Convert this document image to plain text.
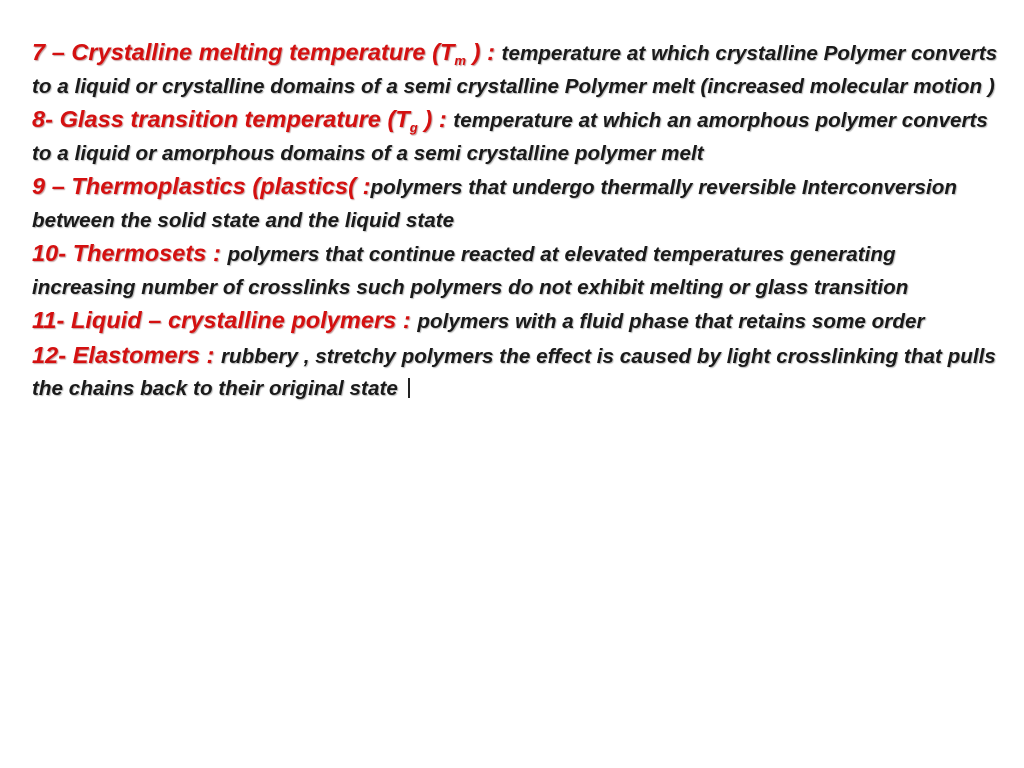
7 – Crystalline melting temperature ($T_m$ ) : temperature at which crystalline Polymer converts to a liquid or crystalline domains of a semi crystalline Polymer melt (increased molecular motion )

8- Glass transition temperature ($T_g$ ) : temperature at which an amorphous polymer converts to a liquid or amorphous domains of a semi crystalline polymer melt

9 – Thermoplastics (plastics( :polymers that undergo thermally reversible Interconversion between the solid state and the liquid state

10- Thermosets : polymers that continue reacted at elevated temperatures generating increasing number of crosslinks such polymers do not exhibit melting or glass transition

11- Liquid – crystalline polymers : polymers with a fluid phase that retains some order

12- Elastomers : rubbery , stretchy polymers the effect is caused by light crosslinking that pulls the chains back to their original state
